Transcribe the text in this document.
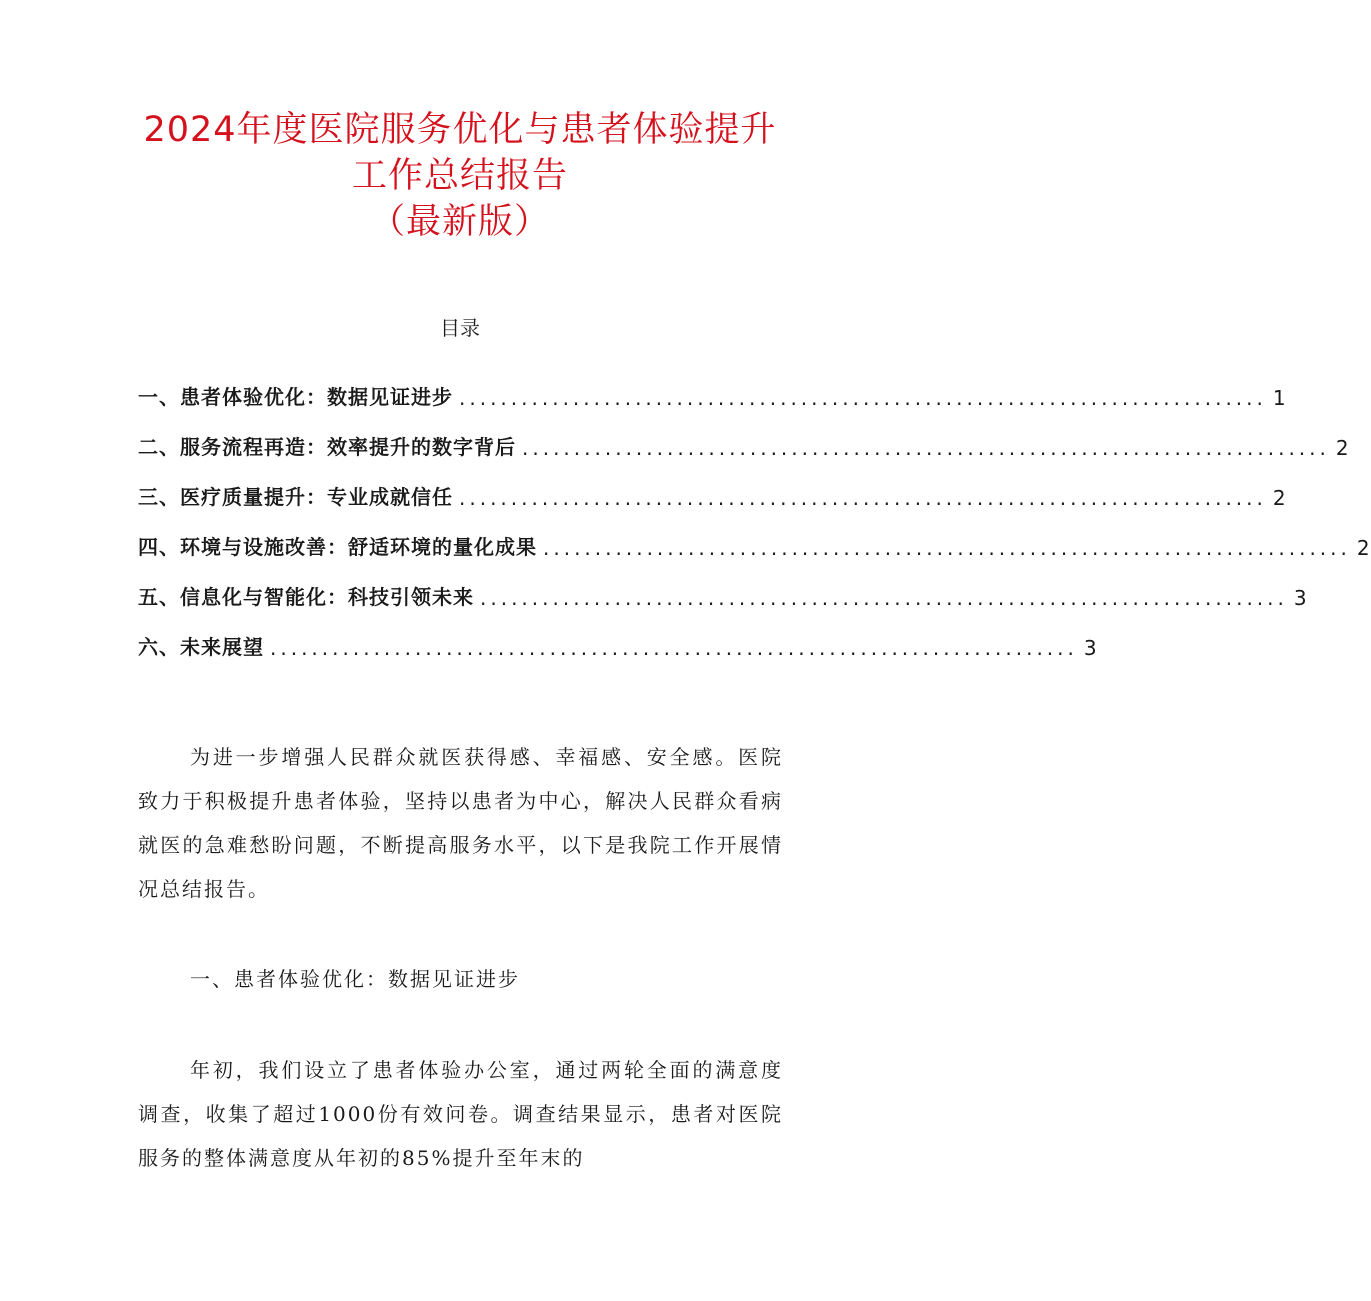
2024年度医院服务优化与患者体验提升
工作总结报告
（最新版）
目录
一、患者体验优化：数据见证进步 .............................................................................. 1
二、服务流程再造：效率提升的数字背后 .............................................................................. 2
三、医疗质量提升：专业成就信任 .............................................................................. 2
四、环境与设施改善：舒适环境的量化成果 .............................................................................. 2
五、信息化与智能化：科技引领未来 .............................................................................. 3
六、未来展望 .............................................................................. 3

为进一步增强人民群众就医获得感、幸福感、安全感。医院致力于积极提升患者体验，坚持以患者为中心，解决人民群众看病就医的急难愁盼问题，不断提高服务水平，以下是我院工作开展情况总结报告。

一、患者体验优化：数据见证进步

年初，我们设立了患者体验办公室，通过两轮全面的满意度调查，收集了超过1000份有效问卷。调查结果显示，患者对医院服务的整体满意度从年初的85%提升至年末的
